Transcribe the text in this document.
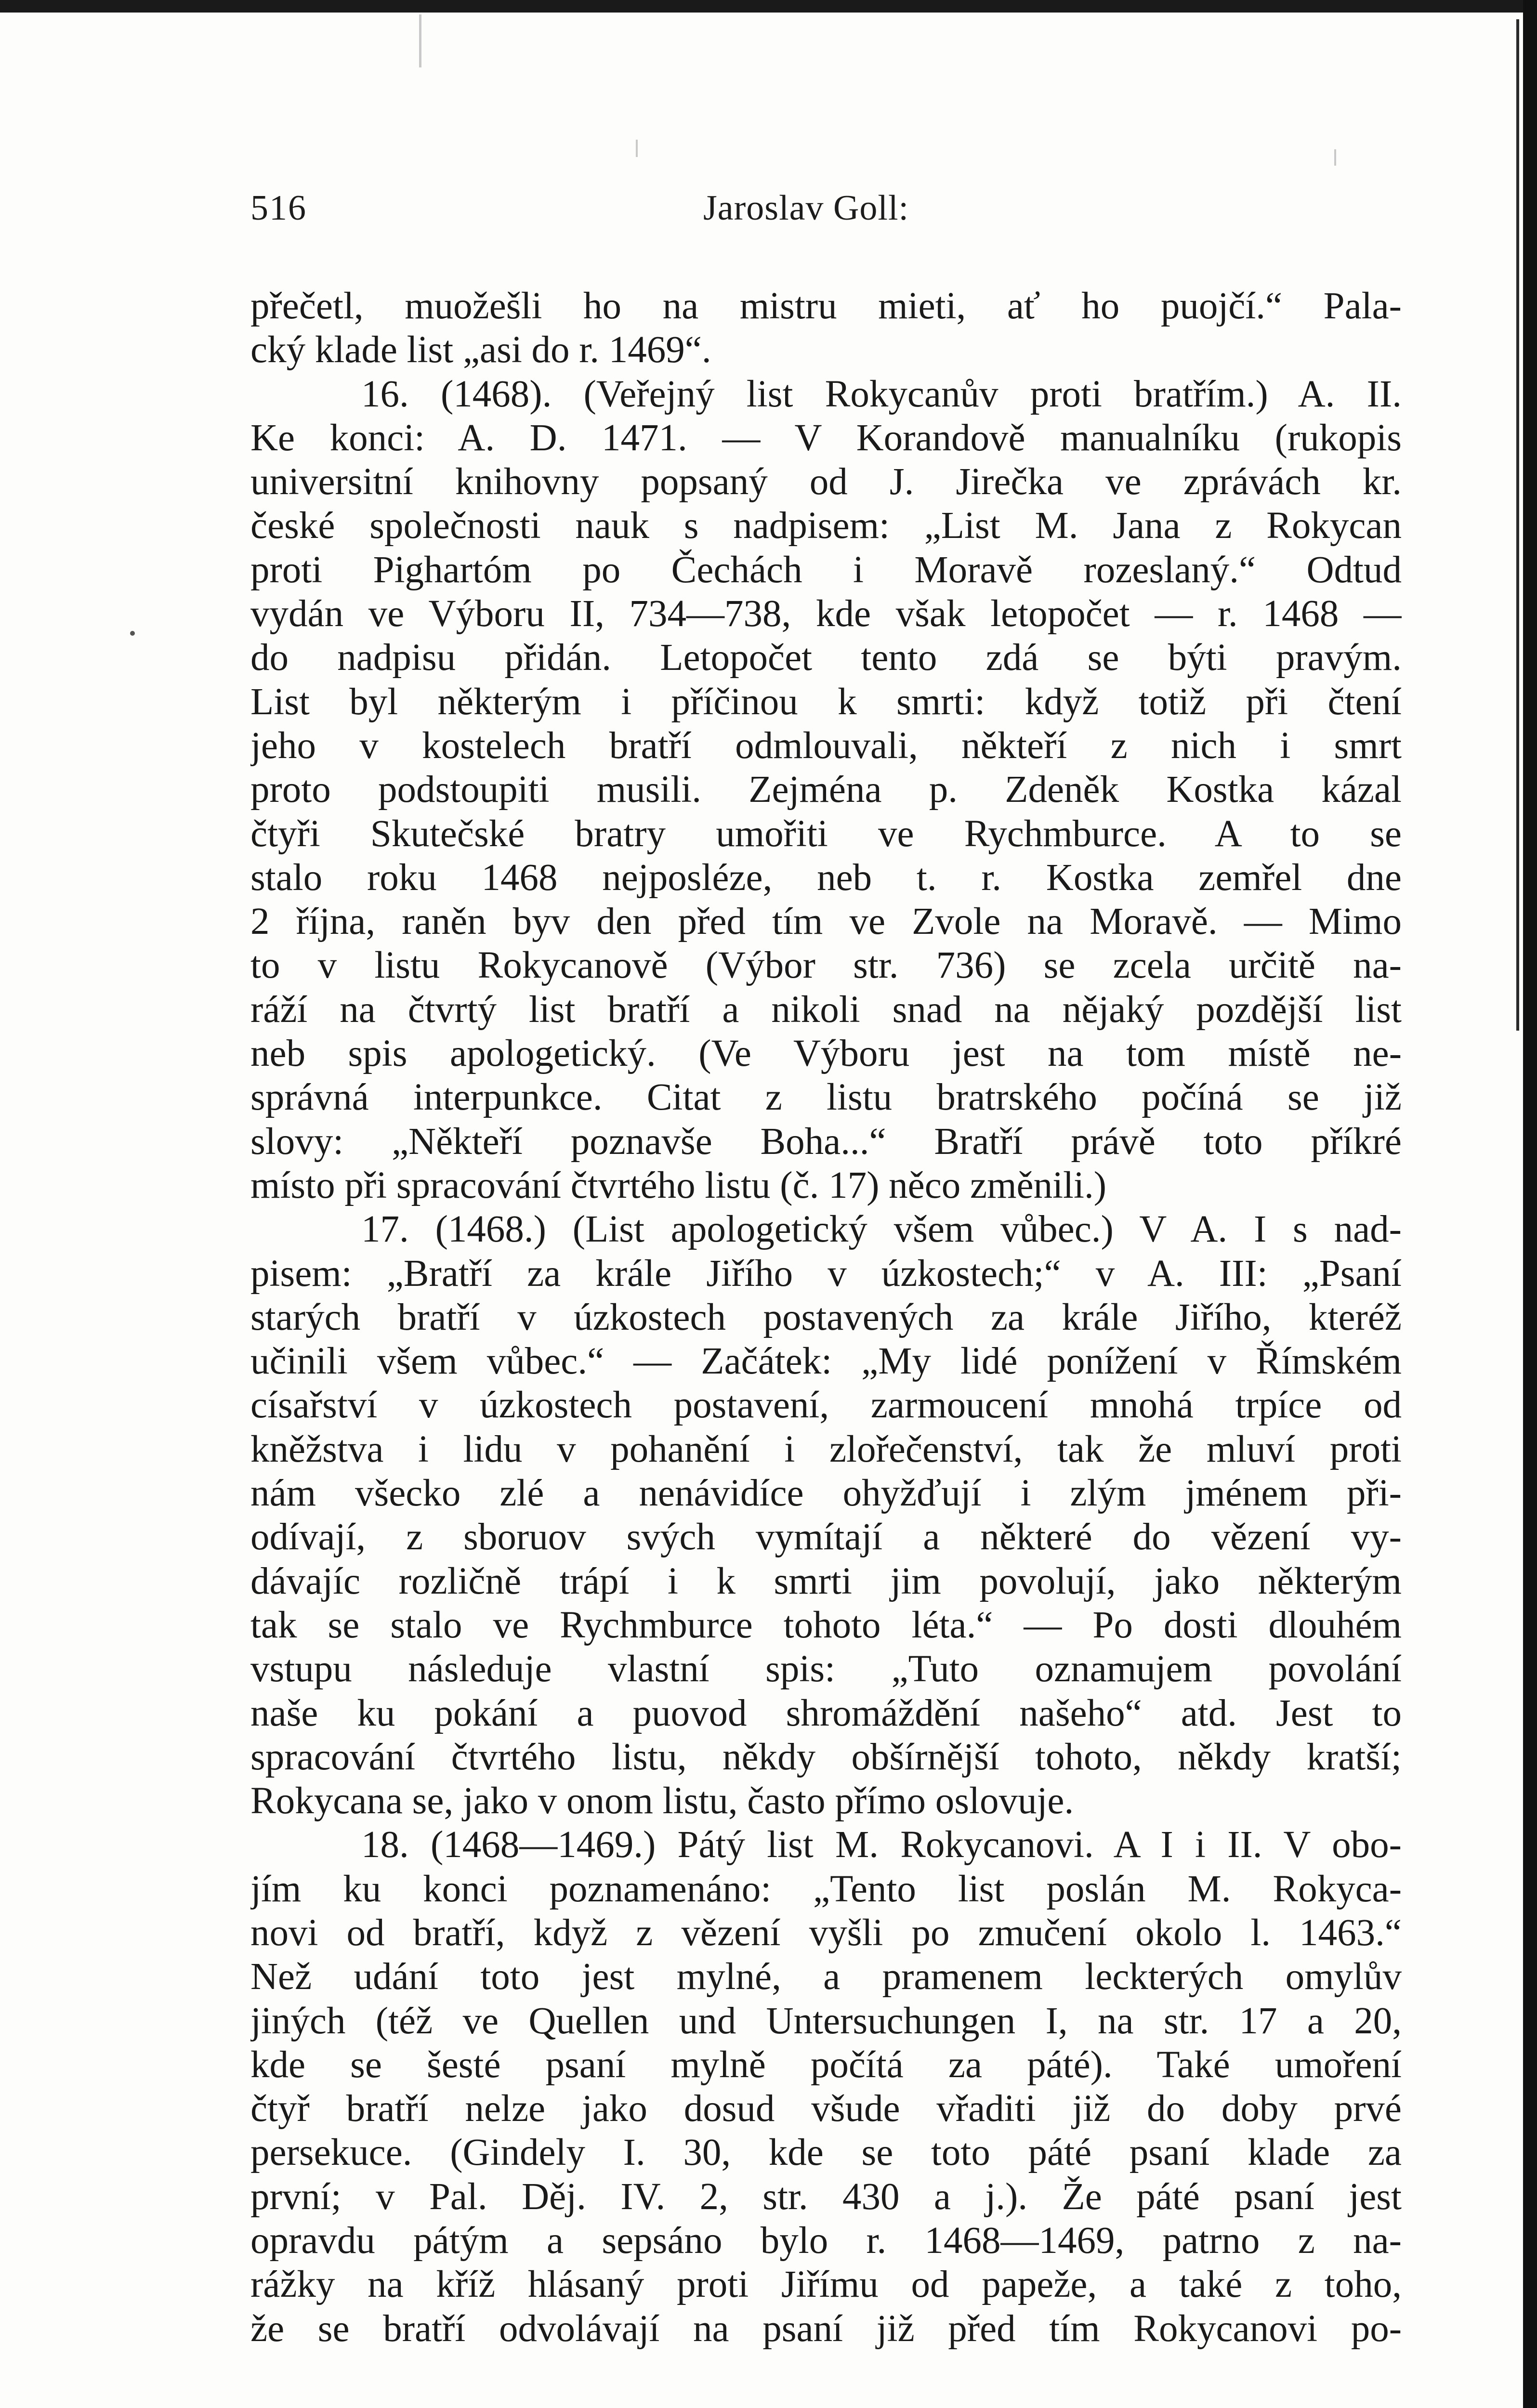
516	Jaroslav Goll:
přečetl, muožešli ho na mistru mieti, ať ho puojčí.“ Pala-
cký klade list „asi do r. 1469“.
16. (1468). (Veřejný list Rokycanův proti bratřím.) A. II.
Ke konci: A. D. 1471. — V Korandově manualníku (rukopis
universitní knihovny popsaný od J. Jirečka ve zprávách kr.
české společnosti nauk s nadpisem: „List M. Jana z Rokycan
proti Pighartóm po Čechách i Moravě rozeslaný.“ Odtud
vydán ve Výboru II, 734—738, kde však letopočet — r. 1468 —
do nadpisu přidán. Letopočet tento zdá se býti pravým.
List byl některým i příčinou k smrti: když totiž při čtení
jeho v kostelech bratří odmlouvali, někteří z nich i smrt
proto podstoupiti musili. Zejména p. Zdeněk Kostka kázal
čtyři Skutečské bratry umořiti ve Rychmburce. A to se
stalo roku 1468 nejposléze, neb t. r. Kostka zemřel dne
2 října, raněn byv den před tím ve Zvole na Moravě. — Mimo
to v listu Rokycanově (Výbor str. 736) se zcela určitě na-
ráží na čtvrtý list bratří a nikoli snad na nějaký pozdější list
neb spis apologetický. (Ve Výboru jest na tom místě ne-
správná interpunkce. Citat z listu bratrského počíná se již
slovy: „Někteří poznavše Boha...“ Bratří právě toto příkré
místo při spracování čtvrtého listu (č. 17) něco změnili.)
17. (1468.) (List apologetický všem vůbec.) V A. I s nad-
pisem: „Bratří za krále Jiřího v úzkostech;“ v A. III: „Psaní
starých bratří v úzkostech postavených za krále Jiřího, kteréž
učinili všem vůbec.“ — Začátek: „My lidé ponížení v Římském
císařství v úzkostech postavení, zarmoucení mnohá trpíce od
kněžstva i lidu v pohanění i zlořečenství, tak že mluví proti
nám všecko zlé a nenávidíce ohyžďují i zlým jménem při-
odívají, z sboruov svých vymítají a některé do vězení vy-
dávajíc rozličně trápí i k smrti jim povolují, jako některým
tak se stalo ve Rychmburce tohoto léta.“ — Po dosti dlouhém
vstupu následuje vlastní spis: „Tuto oznamujem povolání
naše ku pokání a puovod shromáždění našeho“ atd. Jest to
spracování čtvrtého listu, někdy obšírnější tohoto, někdy kratší;
Rokycana se, jako v onom listu, často přímo oslovuje.
18. (1468—1469.) Pátý list M. Rokycanovi. A I i II. V obo-
jím ku konci poznamenáno: „Tento list poslán M. Rokyca-
novi od bratří, když z vězení vyšli po zmučení okolo l. 1463.“
Než udání toto jest mylné, a pramenem leckterých omylův
jiných (též ve Quellen und Untersuchungen I, na str. 17 a 20,
kde se šesté psaní mylně počítá za páté). Také umoření
čtyř bratří nelze jako dosud všude vřaditi již do doby prvé
persekuce. (Gindely I. 30, kde se toto páté psaní klade za
první; v Pal. Děj. IV. 2, str. 430 a j.). Že páté psaní jest
opravdu pátým a sepsáno bylo r. 1468—1469, patrno z na-
rážky na kříž hlásaný proti Jiřímu od papeže, a také z toho,
že se bratří odvolávají na psaní již před tím Rokycanovi po-
